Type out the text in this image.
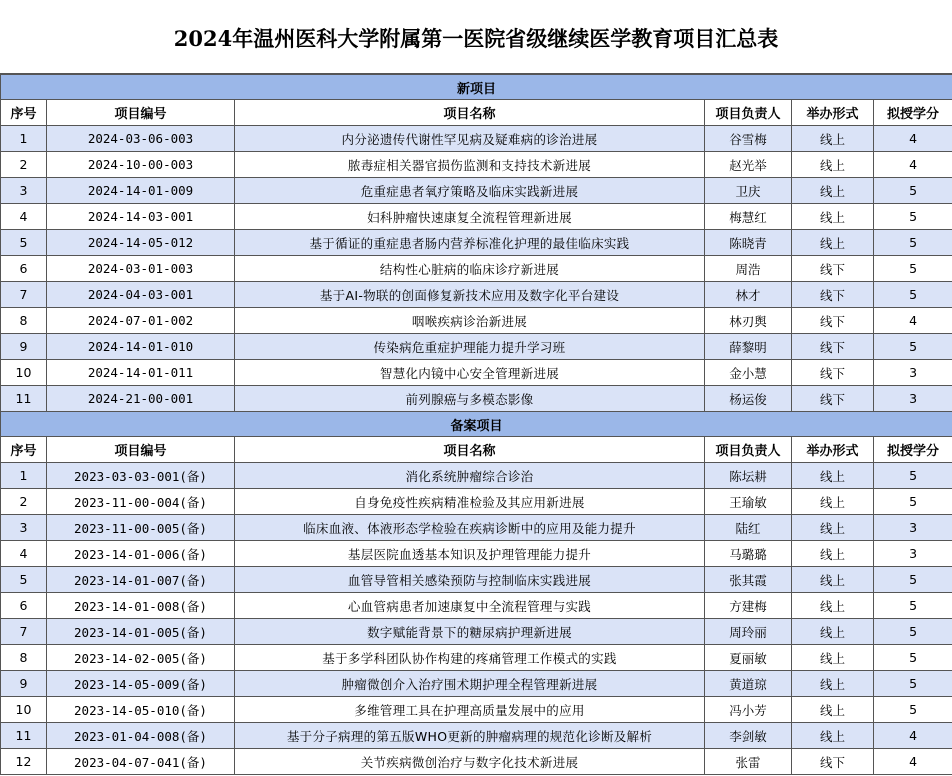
2024年温州医科大学附属第一医院省级继续医学教育项目汇总表
新项目					
序号	项目编号	项目名称	项目负责人	举办形式	拟授学分
1	2024-03-06-003	内分泌遗传代谢性罕见病及疑难病的诊治进展	谷雪梅	线上	4
2	2024-10-00-003	脓毒症相关器官损伤监测和支持技术新进展	赵光举	线上	4
3	2024-14-01-009	危重症患者氧疗策略及临床实践新进展	卫庆	线上	5
4	2024-14-03-001	妇科肿瘤快速康复全流程管理新进展	梅慧红	线上	5
5	2024-14-05-012	基于循证的重症患者肠内营养标准化护理的最佳临床实践	陈晓青	线上	5
6	2024-03-01-003	结构性心脏病的临床诊疗新进展	周浩	线下	5
7	2024-04-03-001	基于AI-物联的创面修复新技术应用及数字化平台建设	林才	线下	5
8	2024-07-01-002	咽喉疾病诊治新进展	林刃舆	线下	4
9	2024-14-01-010	传染病危重症护理能力提升学习班	薛黎明	线下	5
10	2024-14-01-011	智慧化内镜中心安全管理新进展	金小慧	线下	3
11	2024-21-00-001	前列腺癌与多模态影像	杨运俊	线下	3
备案项目					
序号	项目编号	项目名称	项目负责人	举办形式	拟授学分
1	2023-03-03-001(备)	消化系统肿瘤综合诊治	陈坛耕	线上	5
2	2023-11-00-004(备)	自身免疫性疾病精准检验及其应用新进展	王瑜敏	线上	5
3	2023-11-00-005(备)	临床血液、体液形态学检验在疾病诊断中的应用及能力提升	陆红	线上	3
4	2023-14-01-006(备)	基层医院血透基本知识及护理管理能力提升	马璐璐	线上	3
5	2023-14-01-007(备)	血管导管相关感染预防与控制临床实践进展	张其霞	线上	5
6	2023-14-01-008(备)	心血管病患者加速康复中全流程管理与实践	方建梅	线上	5
7	2023-14-01-005(备)	数字赋能背景下的糖尿病护理新进展	周玲丽	线上	5
8	2023-14-02-005(备)	基于多学科团队协作构建的疼痛管理工作模式的实践	夏丽敏	线上	5
9	2023-14-05-009(备)	肿瘤微创介入治疗围术期护理全程管理新进展	黄道琼	线上	5
10	2023-14-05-010(备)	多维管理工具在护理高质量发展中的应用	冯小芳	线上	5
11	2023-01-04-008(备)	基于分子病理的第五版WHO更新的肿瘤病理的规范化诊断及解析	李剑敏	线上	4
12	2023-04-07-041(备)	关节疾病微创治疗与数字化技术新进展	张雷	线下	4
